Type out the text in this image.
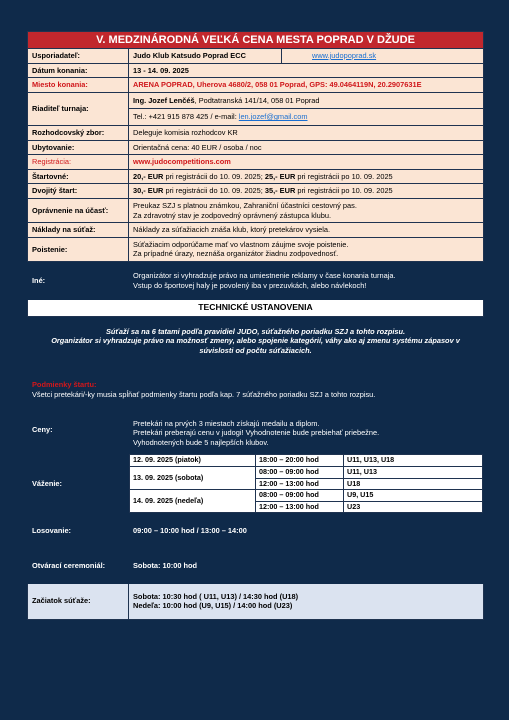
V. MEDZINÁRODNÁ VEĽKÁ CENA MESTA POPRAD V DŽUDE
Usporiadateľ:	Judo Klub Katsudo Poprad ECC	www.judopoprad.sk
Dátum konania:	13 - 14. 09. 2025
Miesto konania:	ARENA POPRAD, Uherova 4680/2, 058 01 Poprad, GPS: 49.0464119N, 20.2907631E
Riaditeľ turnaja:	
Ing. Jozef Lenčéš, Podtatranská 141/14, 058 01 Poprad
Tel.: +421 915 878 425 / e-mail: len.jozef@gmail.com

Rozhodcovský zbor:	Deleguje komisia rozhodcov KR
Ubytovanie:	Orientačná cena: 40 EUR / osoba / noc
Registrácia:	www.judocompetitions.com
Štartovné:	20,- EUR pri registrácii do 10. 09. 2025; 25,- EUR pri registrácii po 10. 09. 2025
Dvojitý štart:	30,- EUR pri registrácii do 10. 09. 2025; 35,- EUR pri registrácii po 10. 09. 2025
Oprávnenie na účasť:	
Preukaz SZJ s platnou známkou, Zahraniční účastníci cestovný pas.
Za zdravotný stav je zodpovedný oprávnený zástupca klubu.

Náklady na súťaž:	Náklady za súťažiacich znáša klub, ktorý pretekárov vysiela.
Poistenie:	
Súťažiacim odporúčame mať vo vlastnom záujme svoje poistenie.
Za prípadné úrazy, neznáša organizátor žiadnu zodpovednosť.

Iné:	
Organizátor si vyhradzuje právo na umiestnenie reklamy v čase konania turnaja.
Vstup do športovej haly je povolený iba v prezuvkách, alebo návlekoch!

TECHNICKÉ USTANOVENIA

Súťaží sa na 6 tatami podľa pravidiel JUDO, súťažného poriadku SZJ a tohto rozpisu.
Organizátor si vyhradzuje právo na možnosť zmeny, alebo spojenie kategórií, váhy ako aj zmenu systému zápasov v súvislosti od počtu súťažiacich.

Podmienky štartu:
Všetci pretekári/-ky musia spĺňať podmienky štartu podľa kap. 7 súťažného poriadku SZJ a tohto rozpisu.

Ceny:	
Pretekári na prvých 3 miestach získajú medailu a diplom.
Pretekári preberajú cenu v judogi! Vyhodnotenie bude prebiehať priebežne.
Vyhodnotených bude 5 najlepších klubov.

Váženie:	
12. 09. 2025 (piatok)	18:00 – 20:00 hod	U11, U13, U18
13. 09. 2025 (sobota)	08:00 – 09:00 hod	U11, U13
12:00 – 13:00 hod	U18
14. 09. 2025 (nedeľa)	08:00 – 09:00 hod	U9, U15
12:00 – 13:00 hod	U23

Losovanie:	09:00 – 10:00 hod / 13:00 – 14:00
Otvárací ceremoniál:	Sobota: 10:00 hod
Začiatok súťaže:	
Sobota: 10:30 hod ( U11, U13) / 14:30 hod (U18)
Nedeľa: 10:00 hod (U9, U15) / 14:00 hod (U23)
